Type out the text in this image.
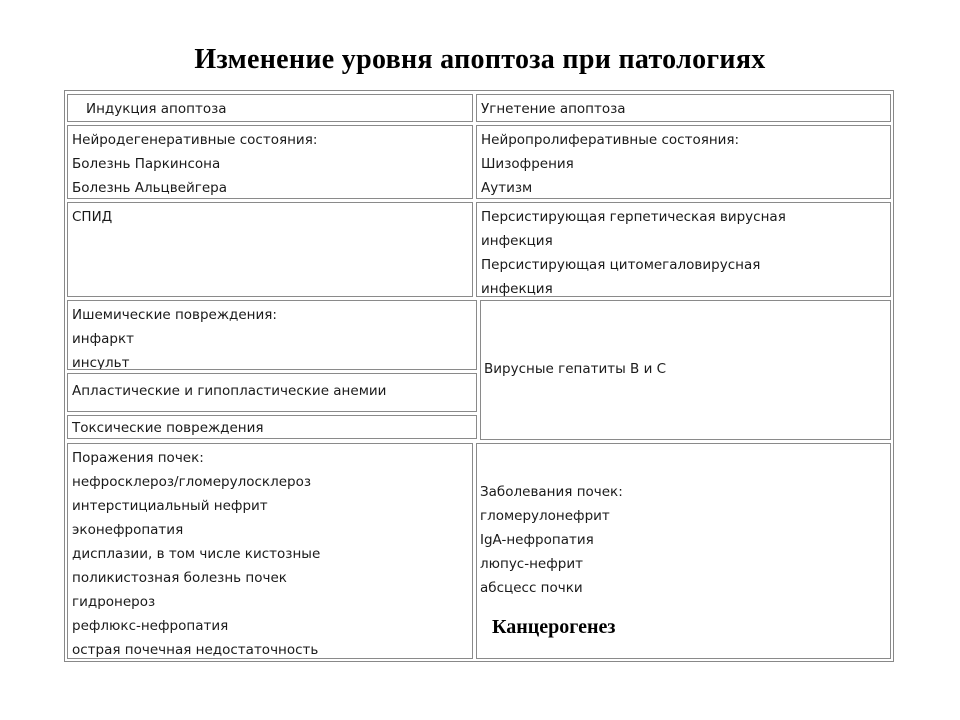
Изменение уровня апоптоза при патологиях
Индукция апоптоза	Угнетение апоптоза
Нейродегенеративные состояния:
Болезнь Паркинсона
Болезнь Альцвейгера
Нейропролиферативные состояния:
Шизофрения
Аутизм
СПИД	Персистирующая герпетическая вирусная
инфекция
Персистирующая цитомегаловирусная
инфекция
Ишемические повреждения:
инфаркт
инсульт
Апластические и гипопластические анемии
Токсические повреждения
Вирусные гепатиты В и С
Поражения почек:
нефросклероз/гломерулосклероз
интерстициальный нефрит
эконефропатия
дисплазии, в том числе кистозные
поликистозная болезнь почек
гидронероз
рефлюкс-нефропатия
острая почечная недостаточность
Заболевания почек:
гломерулонефрит
IgA-нефропатия
люпус-нефрит
абсцесс почки
Канцерогенез
